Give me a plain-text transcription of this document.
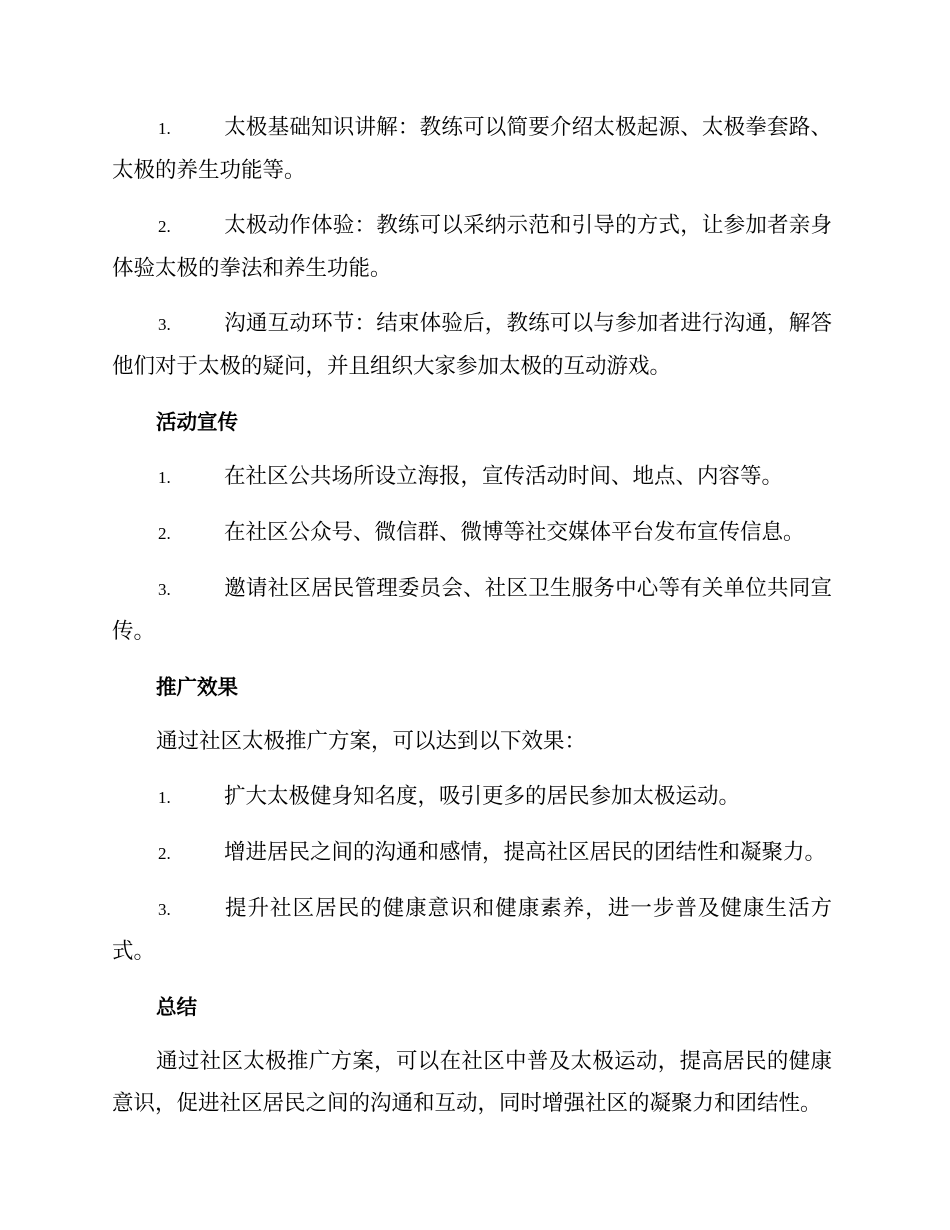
1. 太极基础知识讲解：教练可以简要介绍太极起源、太极拳套路、太极的养生功能等。
2. 太极动作体验：教练可以采纳示范和引导的方式，让参加者亲身体验太极的拳法和养生功能。
3. 沟通互动环节：结束体验后，教练可以与参加者进行沟通，解答他们对于太极的疑问，并且组织大家参加太极的互动游戏。
活动宣传
1. 在社区公共场所设立海报，宣传活动时间、地点、内容等。
2. 在社区公众号、微信群、微博等社交媒体平台发布宣传信息。
3. 邀请社区居民管理委员会、社区卫生服务中心等有关单位共同宣传。
推广效果
通过社区太极推广方案，可以达到以下效果：
1. 扩大太极健身知名度，吸引更多的居民参加太极运动。
2. 增进居民之间的沟通和感情，提高社区居民的团结性和凝聚力。
3. 提升社区居民的健康意识和健康素养，进一步普及健康生活方式。
总结
通过社区太极推广方案，可以在社区中普及太极运动，提高居民的健康意识，促进社区居民之间的沟通和互动，同时增强社区的凝聚力和团结性。
